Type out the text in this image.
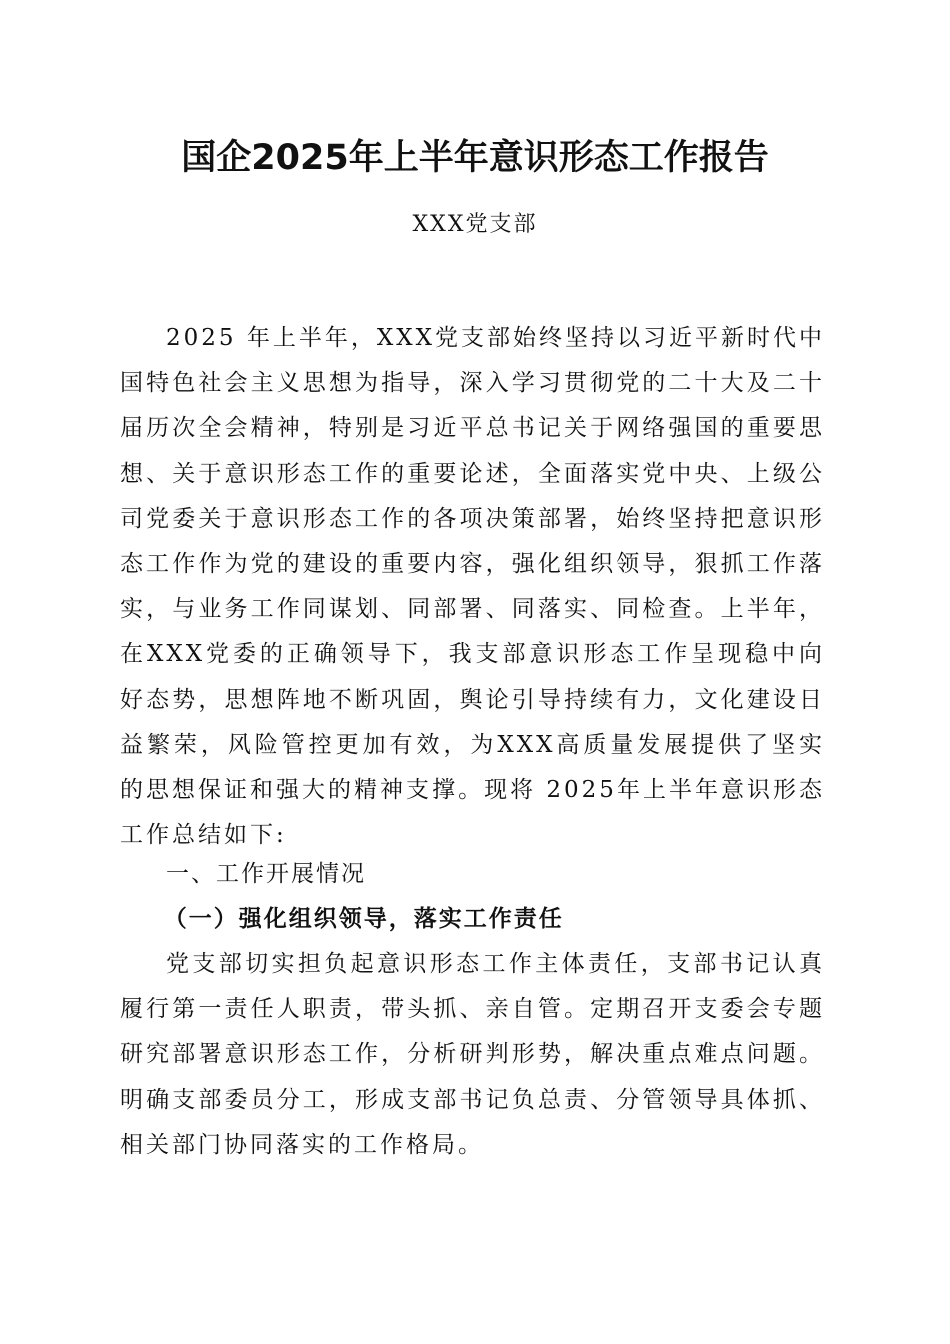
国企2025年上半年意识形态工作报告
XXX党支部

2025 年上半年，XXX党支部始终坚持以习近平新时代中国特色社会主义思想为指导，深入学习贯彻党的二十大及二十届历次全会精神，特别是习近平总书记关于网络强国的重要思想、关于意识形态工作的重要论述，全面落实党中央、上级公司党委关于意识形态工作的各项决策部署，始终坚持把意识形态工作作为党的建设的重要内容，强化组织领导，狠抓工作落实，与业务工作同谋划、同部署、同落实、同检查。上半年，在XXX党委的正确领导下，我支部意识形态工作呈现稳中向好态势，思想阵地不断巩固，舆论引导持续有力，文化建设日益繁荣，风险管控更加有效，为XXX高质量发展提供了坚实的思想保证和强大的精神支撑。现将 2025年上半年意识形态工作总结如下:

一、工作开展情况

（一）强化组织领导，落实工作责任

党支部切实担负起意识形态工作主体责任，支部书记认真履行第一责任人职责，带头抓、亲自管。定期召开支委会专题研究部署意识形态工作，分析研判形势，解决重点难点问题。明确支部委员分工，形成支部书记负总责、分管领导具体抓、相关部门协同落实的工作格局。
